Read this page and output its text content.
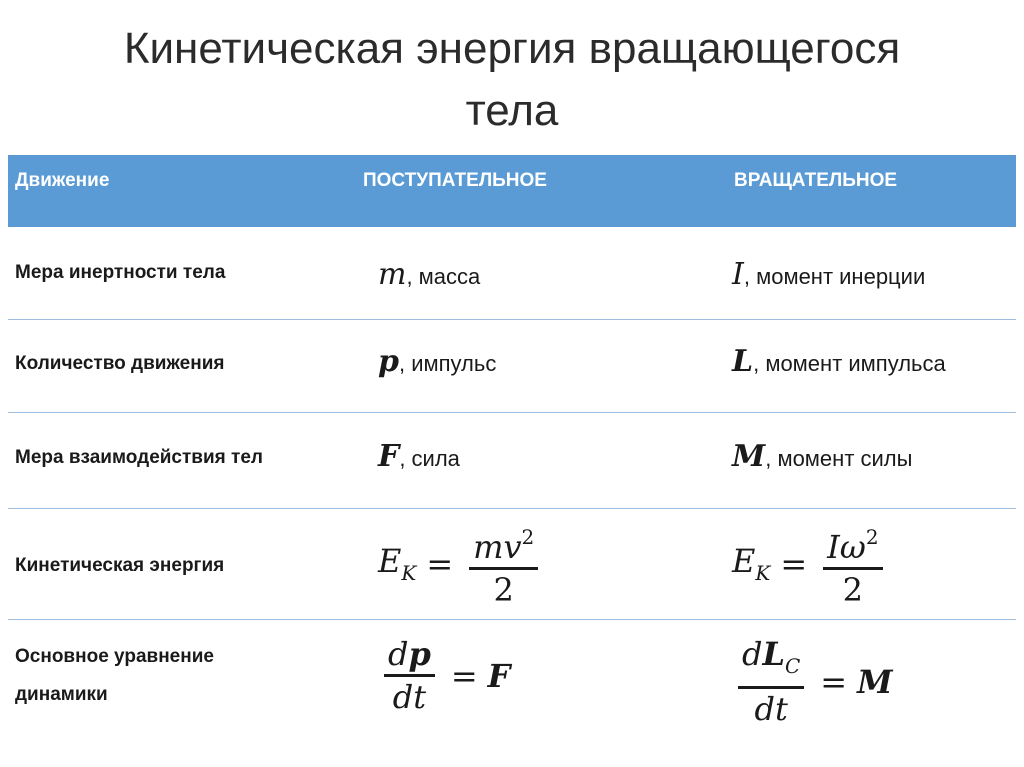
Кинетическая энергия вращающегося
тела
Движение	ПОСТУПАТЕЛЬНОЕ	ВРАЩАТЕЛЬНОЕ
Мера инертности тела	m, масса	I, момент инерции
Количество движения	p, импульс	L, момент импульса
Мера взаимодействия тел	F, сила	M, момент силы
Кинетическая энергия	$E_K = \frac{mv^2}{2}$	$E_K = \frac{I\omega^2}{2}$
Основное уравнение
динамики	$\frac{dp}{dt} = F$	$\frac{dL_C}{dt} = M$
